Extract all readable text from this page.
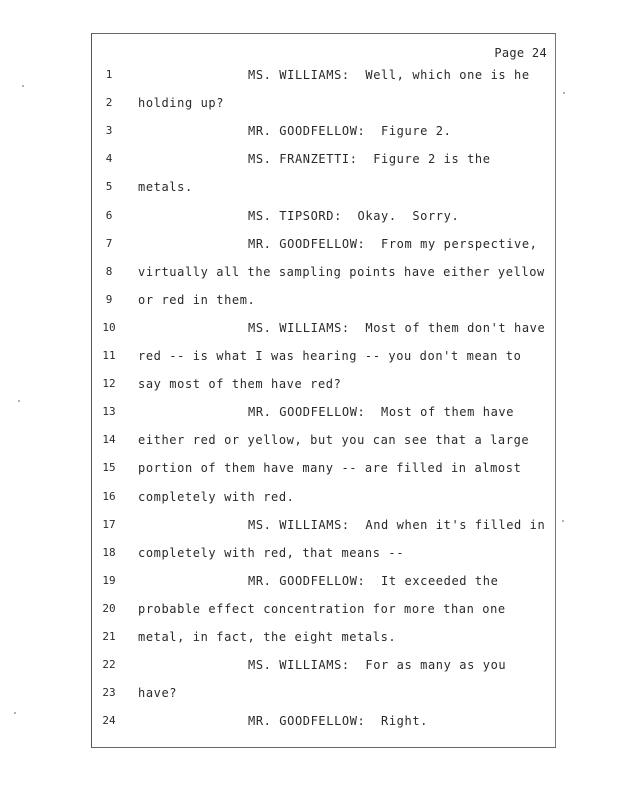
Page 24
1	MS. WILLIAMS:  Well, which one is he
2	holding up?
3	MR. GOODFELLOW:  Figure 2.
4	MS. FRANZETTI:  Figure 2 is the
5	metals.
6	MS. TIPSORD:  Okay.  Sorry.
7	MR. GOODFELLOW:  From my perspective,
8	virtually all the sampling points have either yellow
9	or red in them.
10	MS. WILLIAMS:  Most of them don't have
11 red -- is what I was hearing -- you don't mean to
12 say most of them have red?
13	MR. GOODFELLOW:  Most of them have
14 either red or yellow, but you can see that a large
15 portion of them have many -- are filled in almost
16 completely with red.
17	MS. WILLIAMS:  And when it's filled in
18 completely with red, that means --
19	MR. GOODFELLOW:  It exceeded the
20 probable effect concentration for more than one
21 metal, in fact, the eight metals.
22	MS. WILLIAMS:  For as many as you
23 have?
24	MR. GOODFELLOW:  Right.
